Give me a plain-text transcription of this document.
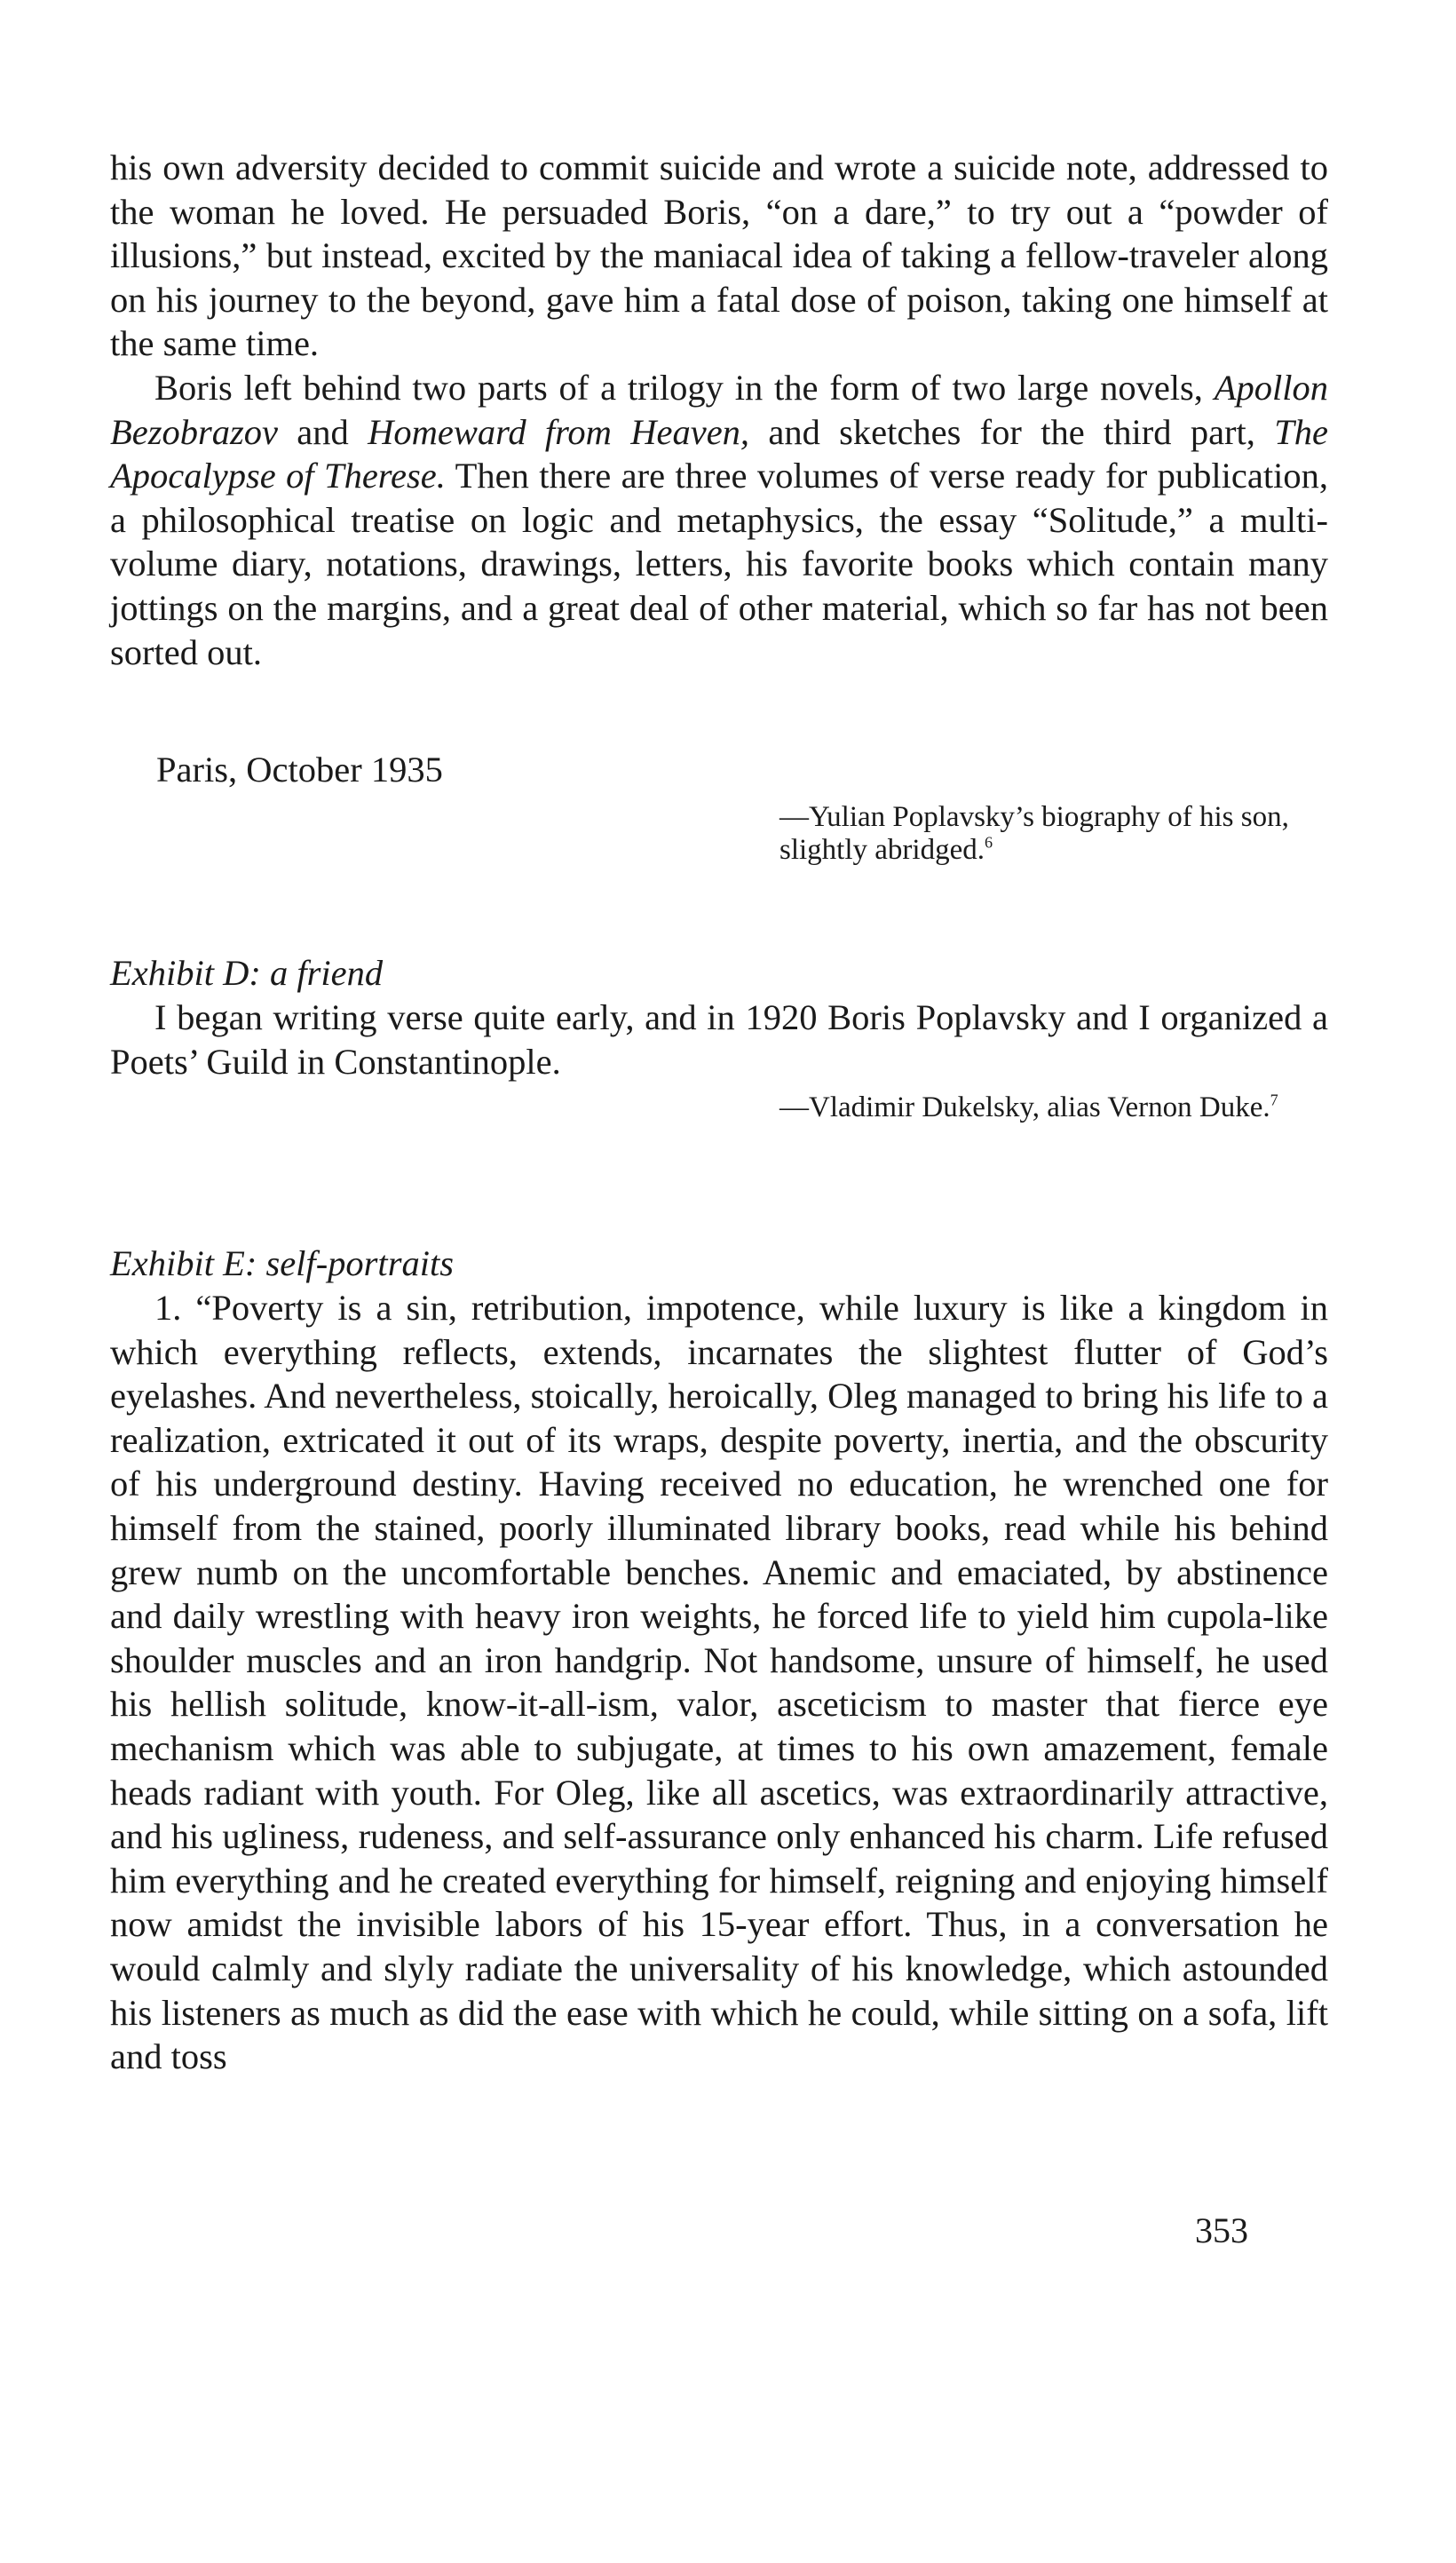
his own adversity decided to commit suicide and wrote a suicide note, addressed to the woman he loved. He persuaded Boris, “on a dare,” to try out a “powder of illusions,” but instead, excited by the maniacal idea of taking a fellow-traveler along on his journey to the beyond, gave him a fatal dose of poison, taking one himself at the same time.

Boris left behind two parts of a trilogy in the form of two large novels, Apollon Bezobrazov and Homeward from Heaven, and sketches for the third part, The Apocalypse of Therese. Then there are three volumes of verse ready for publication, a philosophical treatise on logic and metaphysics, the essay “Solitude,” a multi-volume diary, notations, drawings, letters, his favorite books which contain many jottings on the margins, and a great deal of other material, which so far has not been sorted out.

Paris, October 1935

—Yulian Poplavsky’s biography of his son, slightly abridged.$^6$

Exhibit D: a friend

I began writing verse quite early, and in 1920 Boris Poplavsky and I organized a Poets’ Guild in Constantinople.

—Vladimir Dukelsky, alias Vernon Duke.$^7$

Exhibit E: self-portraits

1. “Poverty is a sin, retribution, impotence, while luxury is like a kingdom in which everything reflects, extends, incarnates the slightest flutter of God’s eyelashes. And nevertheless, stoically, heroically, Oleg managed to bring his life to a realization, extricated it out of its wraps, despite poverty, inertia, and the obscurity of his underground destiny. Having received no education, he wrenched one for himself from the stained, poorly illuminated library books, read while his behind grew numb on the uncomfortable benches. Anemic and emaciated, by abstinence and daily wrestling with heavy iron weights, he forced life to yield him cupola-like shoulder muscles and an iron handgrip. Not handsome, unsure of himself, he used his hellish solitude, know-it-all-ism, valor, asceticism to master that fierce eye mechanism which was able to subjugate, at times to his own amazement, female heads radiant with youth. For Oleg, like all ascetics, was extraordinarily attractive, and his ugliness, rudeness, and self-assurance only enhanced his charm. Life refused him everything and he created everything for himself, reigning and enjoying himself now amidst the invisible labors of his 15-year effort. Thus, in a conversation he would calmly and slyly radiate the universality of his knowledge, which astounded his listeners as much as did the ease with which he could, while sitting on a sofa, lift and toss

353
